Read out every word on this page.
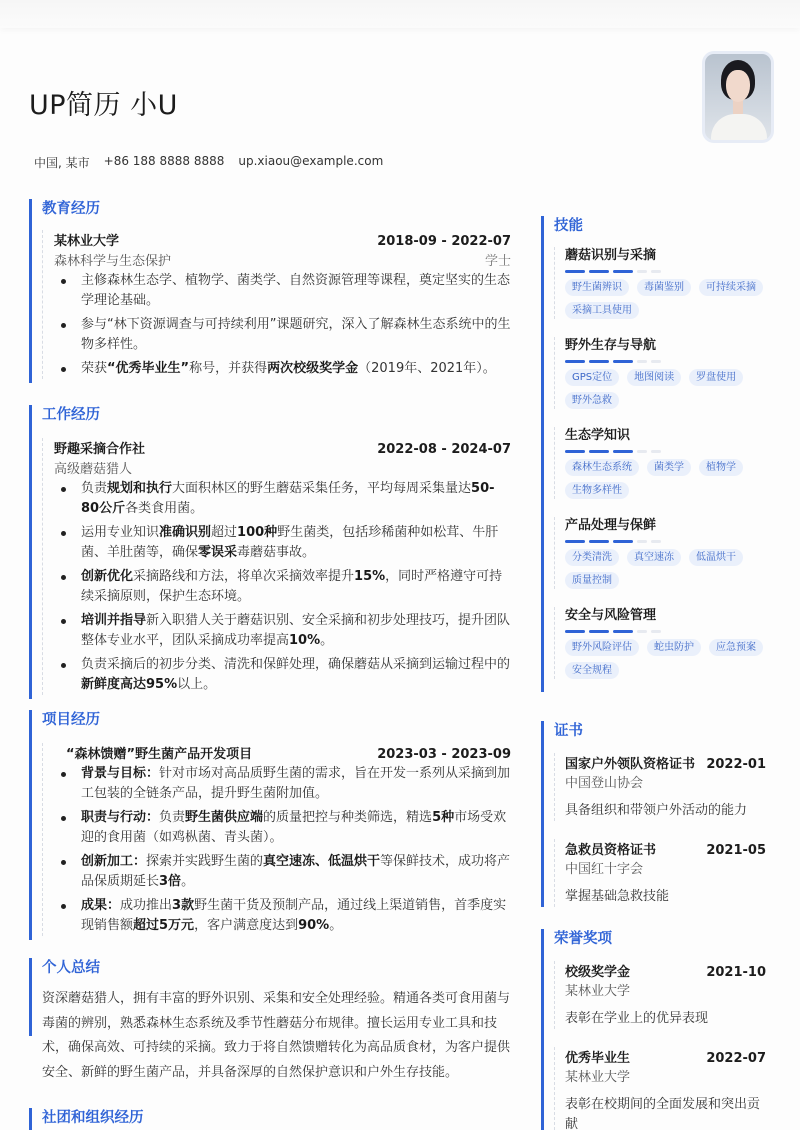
UP简历 小U
中国, 某市 +86 188 8888 8888 up.xiaou@example.com
教育经历
某林业大学	2018-09 - 2022-07
森林科学与生态保护	学士
主修森林生态学、植物学、菌类学、自然资源管理等课程，奠定坚实的生态学理论基础。
参与“林下资源调查与可持续利用”课题研究，深入了解森林生态系统中的生物多样性。
荣获“优秀毕业生”称号，并获得两次校级奖学金（2019年、2021年）。
工作经历
野趣采摘合作社	2022-08 - 2024-07
高级蘑菇猎人
负责规划和执行大面积林区的野生蘑菇采集任务，平均每周采集量达50-80公斤各类食用菌。
运用专业知识准确识别超过100种野生菌类，包括珍稀菌种如松茸、牛肝菌、羊肚菌等，确保零误采毒蘑菇事故。
创新优化采摘路线和方法，将单次采摘效率提升15%，同时严格遵守可持续采摘原则，保护生态环境。
培训并指导新入职猎人关于蘑菇识别、安全采摘和初步处理技巧，提升团队整体专业水平，团队采摘成功率提高10%。
负责采摘后的初步分类、清洗和保鲜处理，确保蘑菇从采摘到运输过程中的新鲜度高达95%以上。
项目经历
“森林馈赠”野生菌产品开发项目	2023-03 - 2023-09
背景与目标：针对市场对高品质野生菌的需求，旨在开发一系列从采摘到加工包装的全链条产品，提升野生菌附加值。
职责与行动：负责野生菌供应端的质量把控与种类筛选，精选5种市场受欢迎的食用菌（如鸡枞菌、青头菌）。
创新加工：探索并实践野生菌的真空速冻、低温烘干等保鲜技术，成功将产品保质期延长3倍。
成果：成功推出3款野生菌干货及预制产品，通过线上渠道销售，首季度实现销售额超过5万元，客户满意度达到90%。
个人总结
资深蘑菇猎人，拥有丰富的野外识别、采集和安全处理经验。精通各类可食用菌与毒菌的辨别，熟悉森林生态系统及季节性蘑菇分布规律。擅长运用专业工具和技术，确保高效、可持续的采摘。致力于将自然馈赠转化为高品质食材，为客户提供安全、新鲜的野生菌产品，并具备深厚的自然保护意识和户外生存技能。
社团和组织经历
技能
蘑菇识别与采摘
野生菌辨识	毒菌鉴别	可持续采摘
采摘工具使用
野外生存与导航
GPS定位	地图阅读	罗盘使用
野外急救
生态学知识
森林生态系统	菌类学	植物学
生物多样性
产品处理与保鲜
分类清洗	真空速冻	低温烘干
质量控制
安全与风险管理
野外风险评估	蛇虫防护	应急预案
安全规程
证书
国家户外领队资格证书 2022-01
中国登山协会
具备组织和带领户外活动的能力
急救员资格证书	2021-05
中国红十字会
掌握基础急救技能
荣誉奖项
校级奖学金	2021-10
某林业大学
表彰在学业上的优异表现
优秀毕业生	2022-07
某林业大学
表彰在校期间的全面发展和突出贡献
